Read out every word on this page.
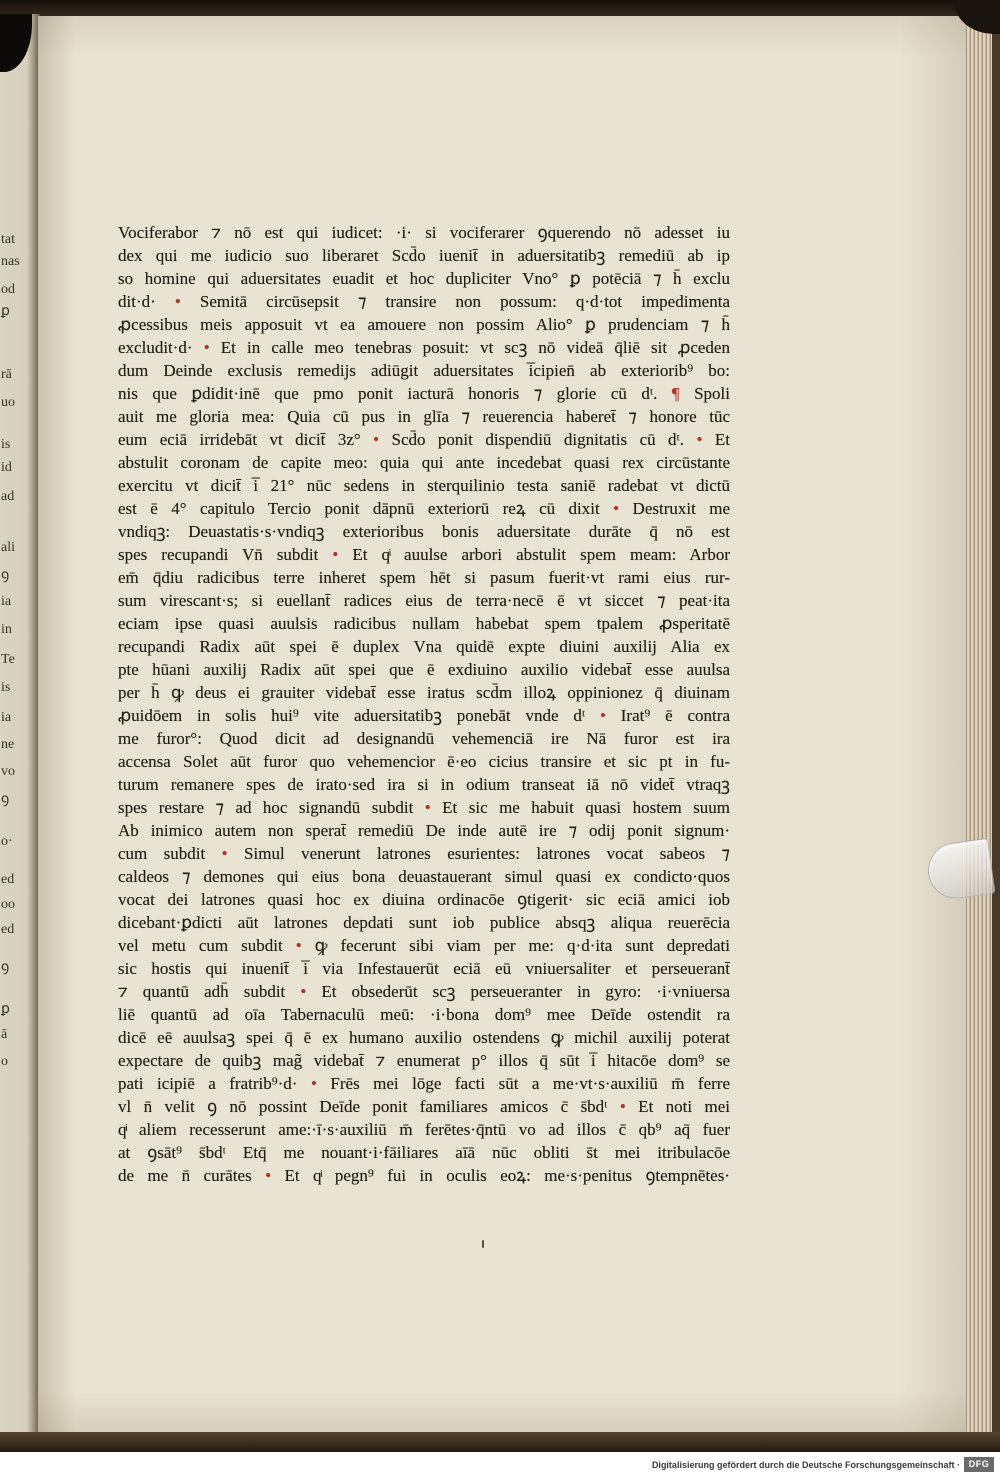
tat
nas
od
ꝑ
rā
uo
is
id
ad
ali
ꝯ
ia
in
Te
is
ia
ne
vo
ꝯ
o·
ed
oo
ed
ꝯ
ꝑ
ā
o
Vociferabor ⁊ nō est qui iudicet: ·i· si vociferarer ꝯquerendo nō adesset iu
dex qui me iudicio suo liberaret Scd̄o iuenit̄ in aduersitatibꝫ remediū ab ip
so homine qui aduersitates euadit et hoc dupliciter Vno° ꝑ potēciā ⁊ h̄ exclu
dit·d· • Semitā circūsepsit ⁊ transire non possum: q·d·tot impedimenta
ꝓcessibus meis apposuit vt ea amouere non possim Alio° ꝑ prudenciam ⁊ h̄
excludit·d· • Et in calle meo tenebras posuit: vt scꝫ nō videā q̄liē sit ꝓceden
dum Deinde exclusis remedijs adiūgit aduersitates i̅cipien̄ ab exteriorib⁹ bo:
nis que ꝑdidit·inē que pmo ponit iacturā honoris ⁊ glorie cū dᵗ. ¶ Spoli
auit me gloria mea: Quia cū pus in glīa ⁊ reuerencia haberet̄ ⁊ honore tūc
eum eciā irridebāt vt dicit̄ 3z° • Scd̄o ponit dispendiū dignitatis cū dᵗ. • Et
abstulit coronam de capite meo: quia qui ante incedebat quasi rex circūstante
exercitu vt dicit̄ i̅ 21° nūc sedens in sterquilinio testa saniē radebat vt dictū
est ē 4° capitulo Tercio ponit dāpnū exteriorū reꝝ cū dixit • Destruxit me
vndiqꝫ: Deuastatis·s·vndiqꝫ exterioribus bonis aduersitate durāte q̄ nō est
spes recupandi Vn̄ subdit • Et qͥ auulse arbori abstulit spem meam: Arbor
em̄ q̄diu radicibus terre inheret spem hēt si pasum fuerit·vt rami eius rur-
sum virescant·s; si euellant̄ radices eius de terra·necē ē vt siccet ⁊ peat·ita
eciam ipse quasi auulsis radicibus nullam habebat spem tpalem ꝓsperitatē
recupandi Radix aūt spei ē duplex Vna quidē expte diuini auxilij Alia ex
pte hūani auxilij Radix aūt spei que ē exdiuino auxilio videbat̄ esse auulsa
per h̄ ꝙ deus ei grauiter videbat̄ esse iratus scd̄m illoꝝ oppinionez q̄ diuinam
ꝓuidōem in solis hui⁹ vite aduersitatibꝫ ponebāt vnde dᵗ • Irat⁹ ē contra
me furor°: Quod dicit ad designandū vehemenciā ire Nā furor est ira
accensa Solet aūt furor quo vehemencior ē·eo cicius transire et sic pt in fu-
turum remanere spes de irato·sed ira si in odium transeat iā nō videt̄ vtraqꝫ
spes restare ⁊ ad hoc signandū subdit • Et sic me habuit quasi hostem suum
Ab inimico autem non sperat̄ remediū De inde autē ire ⁊ odij ponit signum·
cum subdit • Simul venerunt latrones esurientes: latrones vocat sabeos ⁊
caldeos ⁊ demones qui eius bona deuastauerant simul quasi ex condicto·quos
vocat dei latrones quasi hoc ex diuina ordinacōe ꝯtigerit· sic eciā amici iob
dicebant·ꝑdicti aūt latrones depdati sunt iob publice absqꝫ aliqua reuerēcia
vel metu cum subdit • ꝙ fecerunt sibi viam per me: q·d·ita sunt depredati
sic hostis qui inuenit̄ i̅ via Infestauerūt eciā eū vniuersaliter et perseuerant̄
⁊ quantū adh̄ subdit • Et obsederūt scꝫ perseueranter in gyro: ·i·vniuersa
liē quantū ad oīa Tabernaculū meū: ·i·bona dom⁹ mee Deīde ostendit ra
dicē eē auulsaꝫ spei q̄ ē ex humano auxilio ostendens ꝙ michil auxilij poterat
expectare de quibꝫ mag̃ videbat̄ ⁊ enumerat p° illos q̄ sūt i̅ hitacōe dom⁹ se
pati icipiē a fratrib⁹·d· • Frēs mei lōge facti sūt a me·vt·s·auxiliū m̄ ferre
vl n̄ velit ꝯ nō possint Deīde ponit familiares amicos c̄ s̄bdᵗ • Et noti mei
qͥ aliem recesserunt ame:·ī·s·auxiliū m̄ ferētes·q̄ntū vo ad illos c̄ qb⁹ aq̄ fuer
at ꝯsāt⁹ s̄bdᵗ Etq̄ me nouant·i·fāiliares aīā nūc obliti s̄t mei itribulacōe
de me n̄ curātes • Et qͥ pegn⁹ fui in oculis eoꝝ: me·s·penitus ꝯtempnētes·
Digitalisierung gefördert durch die Deutsche Forschungsgemeinschaft · DFG
